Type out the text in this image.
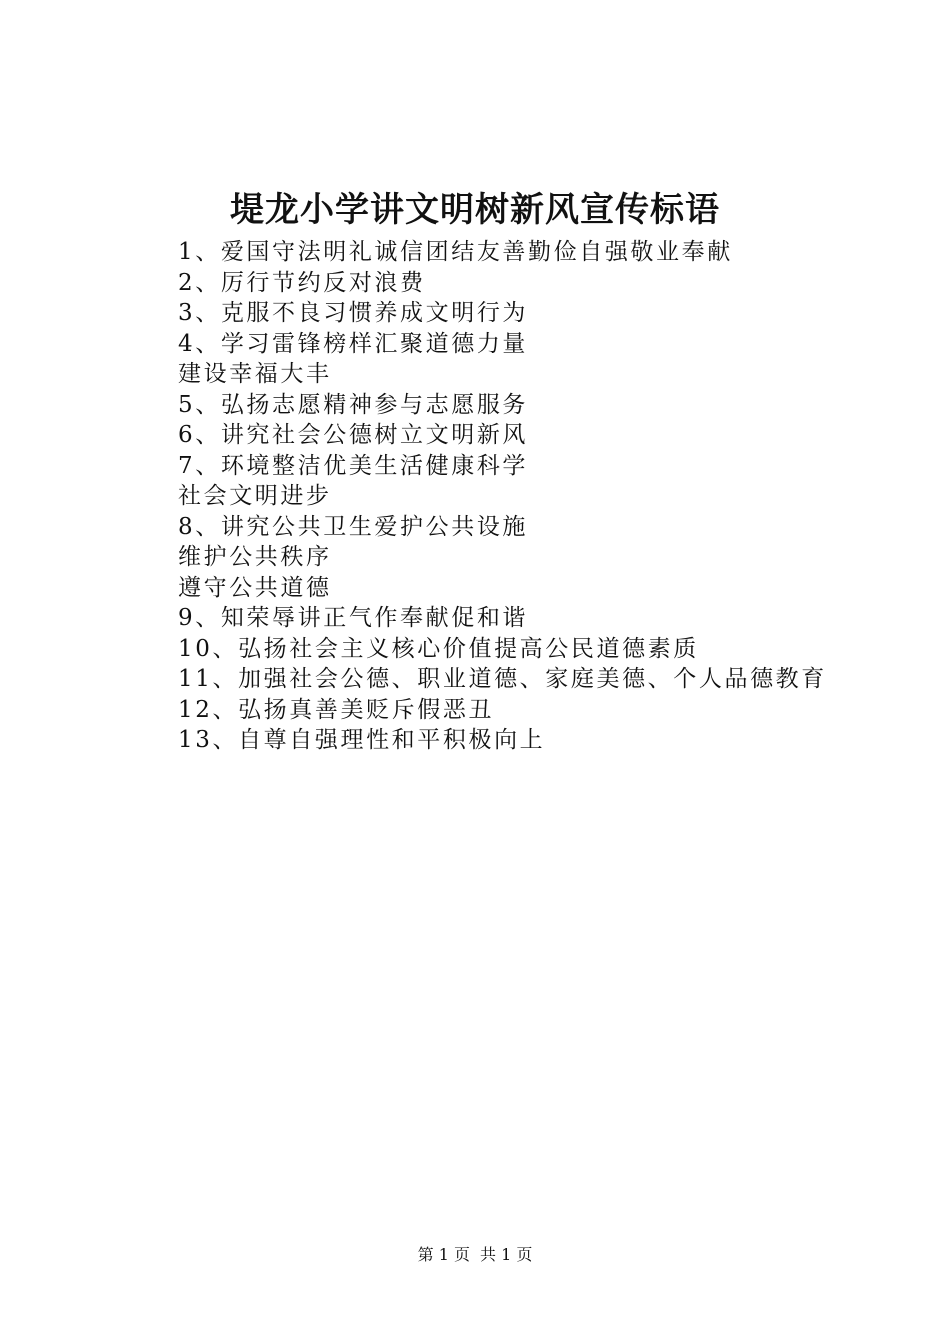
堤龙小学讲文明树新风宣传标语
1、爱国守法明礼诚信团结友善勤俭自强敬业奉献
2、厉行节约反对浪费
3、克服不良习惯养成文明行为
4、学习雷锋榜样汇聚道德力量
建设幸福大丰
5、弘扬志愿精神参与志愿服务
6、讲究社会公德树立文明新风
7、环境整洁优美生活健康科学
社会文明进步
8、讲究公共卫生爱护公共设施
维护公共秩序
遵守公共道德
9、知荣辱讲正气作奉献促和谐
10、弘扬社会主义核心价值提高公民道德素质
11、加强社会公德、职业道德、家庭美德、个人品德教育
12、弘扬真善美贬斥假恶丑
13、自尊自强理性和平积极向上
第 1 页 共 1 页
